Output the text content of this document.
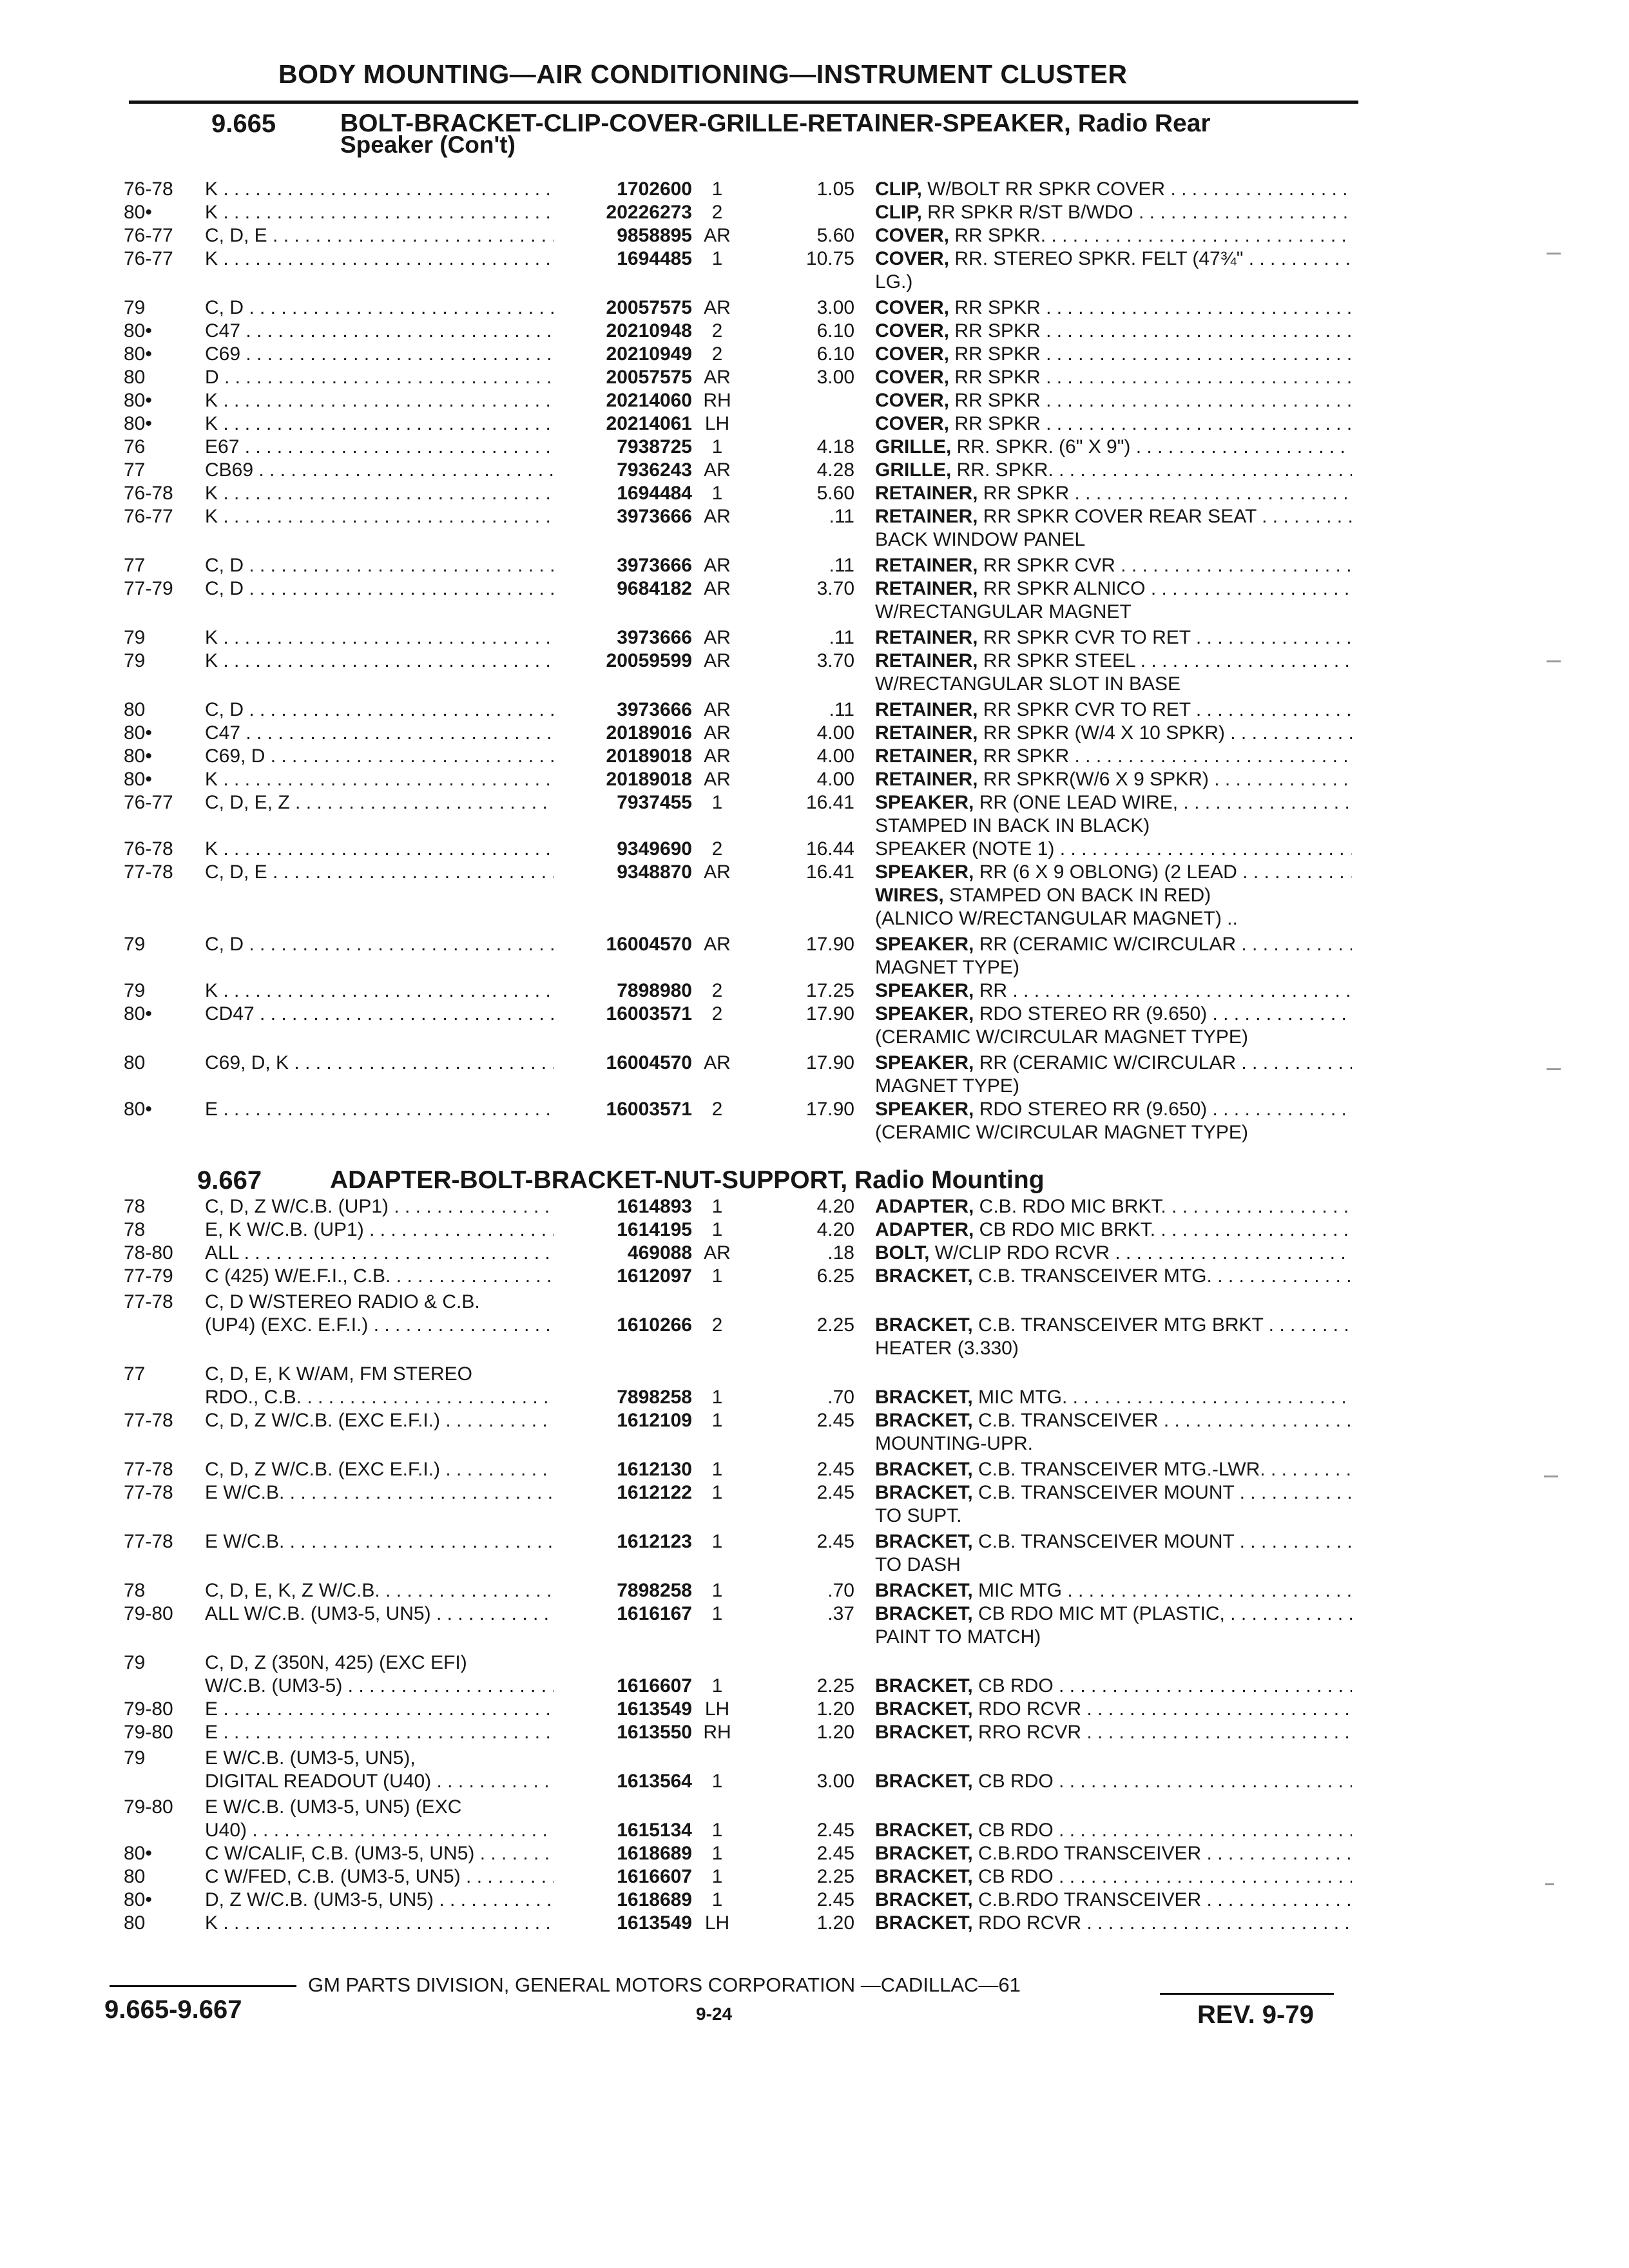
BODY MOUNTING—AIR CONDITIONING—INSTRUMENT CLUSTER
9.665	BOLT-BRACKET-CLIP-COVER-GRILLE-RETAINER-SPEAKER, Radio Rear
Speaker (Con't)
9.667	ADAPTER-BOLT-BRACKET-NUT-SUPPORT, Radio Mounting
76-78	K . . .	1702600	1	1.05 CLIP, W/BOLT RR SPKR COVER . . .
80•	K . . .	20226273	2	CLIP, RR SPKR R/ST B/WDO . . .
76-77	C, D, E . . .	9858895 AR	5.60 COVER, RR SPKR. . . .
76-77	K . . .	1694485	1	10.75 COVER, RR. STEREO SPKR. FELT (47¾" . . .
LG.)
79	C, D . . .	20057575 AR	3.00 COVER, RR SPKR . . .
80•	C47 . . .	20210948	2	6.10 COVER, RR SPKR . . .
80•	C69 . . .	20210949	2	6.10 COVER, RR SPKR . . .
80	D . . .	20057575 AR	3.00 COVER, RR SPKR . . .
80•	K . . .	20214060 RH	COVER, RR SPKR . . .
80•	K . . .	20214061 LH	COVER, RR SPKR . . .
76	E67 . . .	7938725	1	4.18 GRILLE, RR. SPKR. (6" X 9") . . .
77	CB69 . . .	7936243 AR	4.28 GRILLE, RR. SPKR. . . .
76-78	K . . .	1694484	1	5.60 RETAINER, RR SPKR . . .
76-77	K . . .	3973666 AR	.11 RETAINER, RR SPKR COVER REAR SEAT . . .
BACK WINDOW PANEL
77	C, D . . .	3973666 AR	.11 RETAINER, RR SPKR CVR . . .
77-79	C, D . . .	9684182 AR	3.70 RETAINER, RR SPKR ALNICO . . .
W/RECTANGULAR MAGNET
79	K . . .	3973666 AR	.11 RETAINER, RR SPKR CVR TO RET . . .
79	K . . .	20059599 AR	3.70 RETAINER, RR SPKR STEEL . . .
W/RECTANGULAR SLOT IN BASE
80	C, D . . .	3973666 AR	.11 RETAINER, RR SPKR CVR TO RET . . .
80•	C47 . . .	20189016 AR	4.00 RETAINER, RR SPKR (W/4 X 10 SPKR) . . .
80•	C69, D . . .	20189018 AR	4.00 RETAINER, RR SPKR . . .
80•	K . . .	20189018 AR	4.00 RETAINER, RR SPKR(W/6 X 9 SPKR) . . .
76-77	C, D, E, Z . . .	7937455	1	16.41 SPEAKER, RR (ONE LEAD WIRE, . . .
STAMPED IN BACK IN BLACK)
76-78	K . . .	9349690	2	16.44 SPEAKER (NOTE 1) . . .
77-78	C, D, E . . .	9348870 AR	16.41 SPEAKER, RR (6 X 9 OBLONG) (2 LEAD . . .
WIRES, STAMPED ON BACK IN RED)
(ALNICO W/RECTANGULAR MAGNET) ..
79	C, D . . .	16004570 AR	17.90 SPEAKER, RR (CERAMIC W/CIRCULAR . . .
MAGNET TYPE)
79	K . . .	7898980	2	17.25 SPEAKER, RR . . .
80•	CD47 . . .	16003571	2	17.90 SPEAKER, RDO STEREO RR (9.650) . . .
(CERAMIC W/CIRCULAR MAGNET TYPE)
80	C69, D, K . . .	16004570 AR	17.90 SPEAKER, RR (CERAMIC W/CIRCULAR . . .
MAGNET TYPE)
80•	E . . .	16003571	2	17.90 SPEAKER, RDO STEREO RR (9.650) . . .
(CERAMIC W/CIRCULAR MAGNET TYPE)
78	C, D, Z W/C.B. (UP1) . . .	1614893	1	4.20 ADAPTER, C.B. RDO MIC BRKT. . . .
78	E, K W/C.B. (UP1) . . .	1614195	1	4.20 ADAPTER, CB RDO MIC BRKT. . . .
78-80	ALL . . .	469088 AR	.18 BOLT, W/CLIP RDO RCVR . . .
77-79	C (425) W/E.F.I., C.B. . . .	1612097	1	6.25 BRACKET, C.B. TRANSCEIVER MTG. . . .
77-78	C, D W/STEREO RADIO & C.B.
(UP4) (EXC. E.F.I.) . . .	1610266	2	2.25 BRACKET, C.B. TRANSCEIVER MTG BRKT . . .
HEATER (3.330)
77	C, D, E, K W/AM, FM STEREO
RDO., C.B. . . .	7898258	1	.70 BRACKET, MIC MTG. . . .
77-78	C, D, Z W/C.B. (EXC E.F.I.) . . .	1612109	1	2.45 BRACKET, C.B. TRANSCEIVER . . .
MOUNTING-UPR.
77-78	C, D, Z W/C.B. (EXC E.F.I.) . . .	1612130	1	2.45 BRACKET, C.B. TRANSCEIVER MTG.-LWR. . . .
77-78	E W/C.B. . . .	1612122	1	2.45 BRACKET, C.B. TRANSCEIVER MOUNT . . .
TO SUPT.
77-78	E W/C.B. . . .	1612123	1	2.45 BRACKET, C.B. TRANSCEIVER MOUNT . . .
TO DASH
78	C, D, E, K, Z W/C.B. . . .	7898258	1	.70 BRACKET, MIC MTG . . .
79-80	ALL W/C.B. (UM3-5, UN5) . . .	1616167	1	.37 BRACKET, CB RDO MIC MT (PLASTIC, . . .
PAINT TO MATCH)
79	C, D, Z (350N, 425) (EXC EFI)
W/C.B. (UM3-5) . . .	1616607	1	2.25 BRACKET, CB RDO . . .
79-80	E . . .	1613549 LH	1.20 BRACKET, RDO RCVR . . .
79-80	E . . .	1613550 RH	1.20 BRACKET, RRO RCVR . . .
79	E W/C.B. (UM3-5, UN5),
DIGITAL READOUT (U40) . . .	1613564	1	3.00 BRACKET, CB RDO . . .
79-80	E W/C.B. (UM3-5, UN5) (EXC
U40) . . .	1615134	1	2.45 BRACKET, CB RDO . . .
80•	C W/CALIF, C.B. (UM3-5, UN5) . . .	1618689	1	2.45 BRACKET, C.B.RDO TRANSCEIVER . . .
80	C W/FED, C.B. (UM3-5, UN5) . . .	1616607	1	2.25 BRACKET, CB RDO . . .
80•	D, Z W/C.B. (UM3-5, UN5) . . .	1618689	1	2.45 BRACKET, C.B.RDO TRANSCEIVER . . .
80	K . . .	1613549 LH	1.20 BRACKET, RDO RCVR . . .
GM PARTS DIVISION, GENERAL MOTORS CORPORATION —CADILLAC—61
9.665-9.667	9-24	REV. 9-79
